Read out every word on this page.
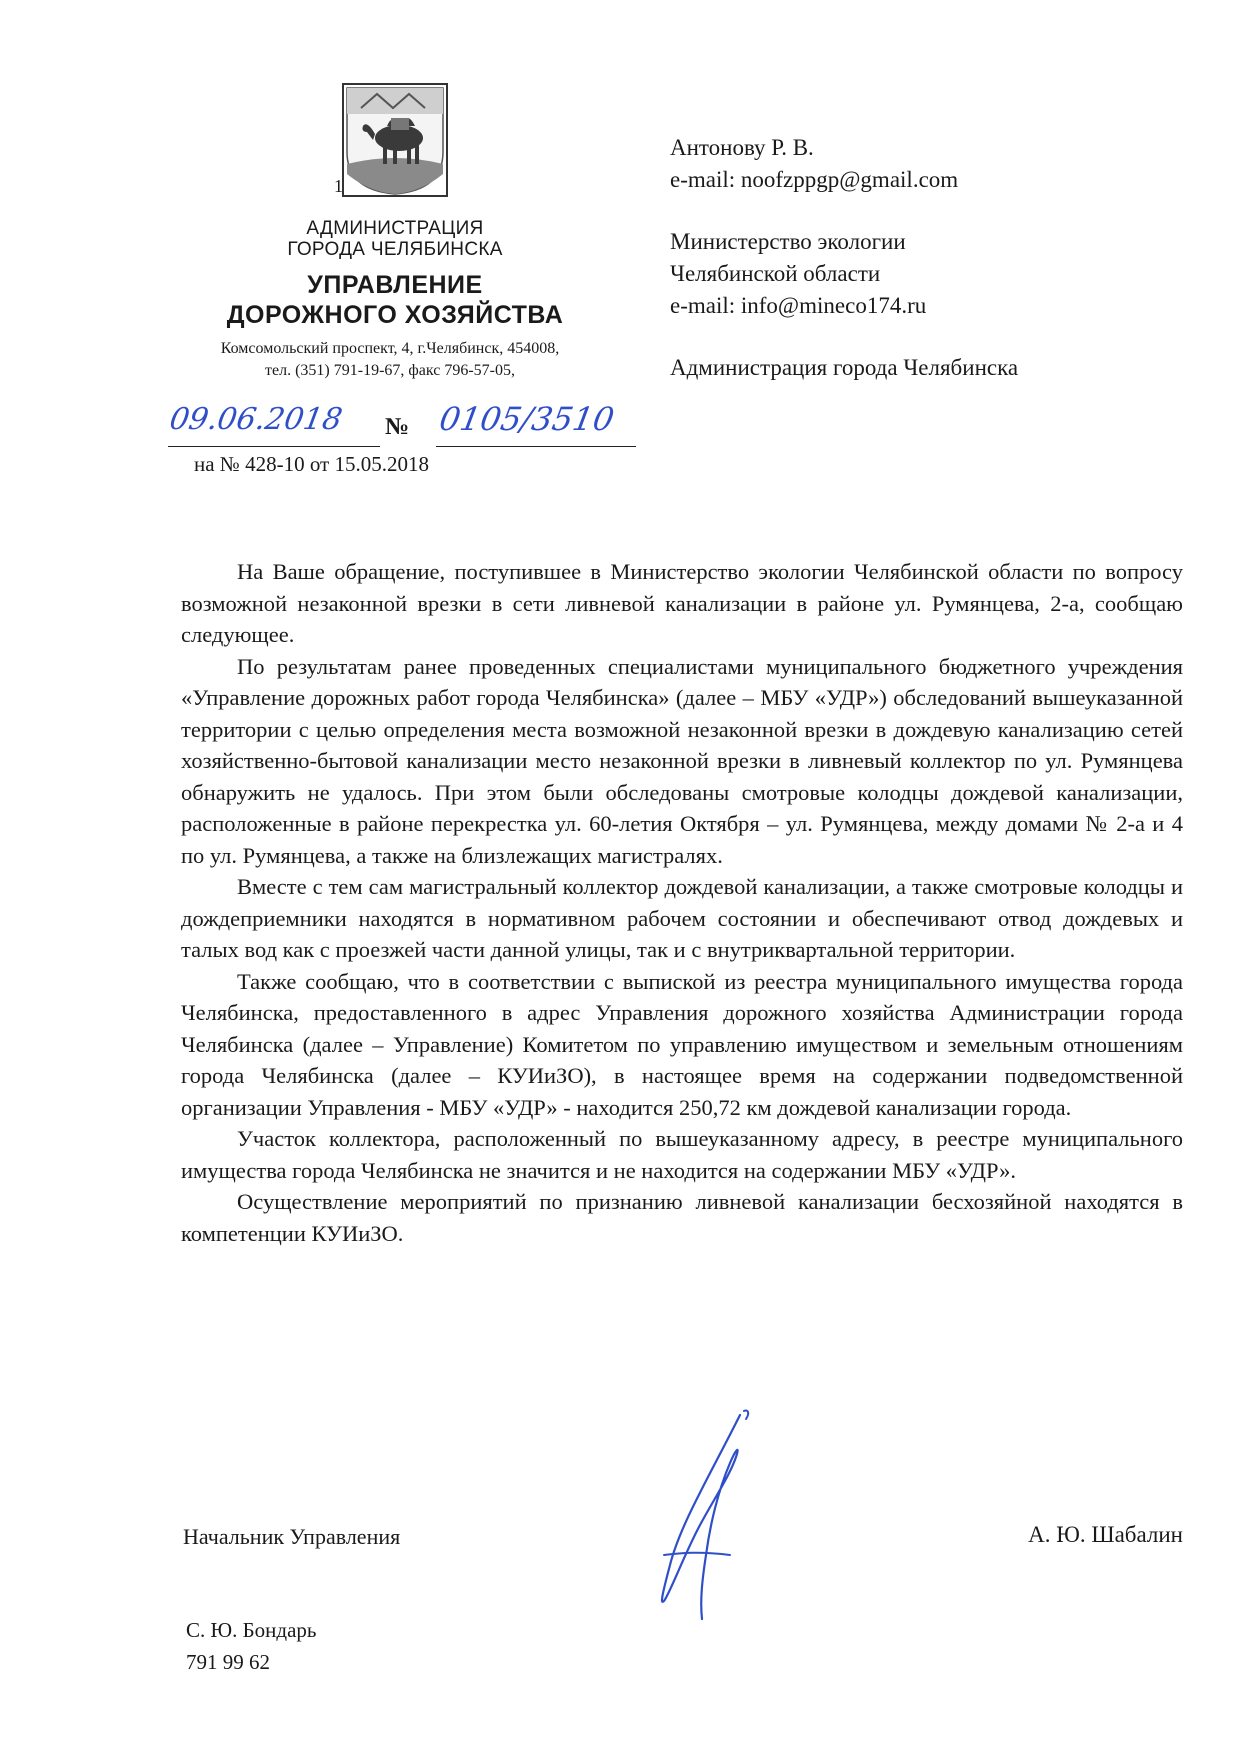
1
АДМИНИСТРАЦИЯ
ГОРОДА ЧЕЛЯБИНСКА
УПРАВЛЕНИЕ
ДОРОЖНОГО ХОЗЯЙСТВА
Комсомольский проспект, 4, г.Челябинск, 454008,
тел. (351) 791-19-67, факс 796-57-05,
09.06.2018 № 0105/3510
на № 428-10 от 15.05.2018

Антонову Р. В.

e-mail: noofzppgp@gmail.com

Министерство экологии

Челябинской области

e-mail: info@mineco174.ru

Администрация города Челябинска

На Ваше обращение, поступившее в Министерство экологии Челябинской области по вопросу возможной незаконной врезки в сети ливневой канализации в районе ул. Румянцева, 2-а, сообщаю следующее.

По результатам ранее проведенных специалистами муниципального бюджетного учреждения «Управление дорожных работ города Челябинска» (далее – МБУ «УДР») обследований вышеуказанной территории с целью определения места возможной незаконной врезки в дождевую канализацию сетей хозяйственно-бытовой канализации место незаконной врезки в ливневый коллектор по ул. Румянцева обнаружить не удалось. При этом были обследованы смотровые колодцы дождевой канализации, расположенные в районе перекрестка ул. 60-летия Октября – ул. Румянцева, между домами № 2-а и 4 по ул. Румянцева, а также на близлежащих магистралях.

Вместе с тем сам магистральный коллектор дождевой канализации, а также смотровые колодцы и дождеприемники находятся в нормативном рабочем состоянии и обеспечивают отвод дождевых и талых вод как с проезжей части данной улицы, так и с внутриквартальной территории.

Также сообщаю, что в соответствии с выпиской из реестра муниципального имущества города Челябинска, предоставленного в адрес Управления дорожного хозяйства Администрации города Челябинска (далее – Управление) Комитетом по управлению имуществом и земельным отношениям города Челябинска (далее – КУИиЗО), в настоящее время на содержании подведомственной организации Управления - МБУ «УДР» - находится 250,72 км дождевой канализации города.

Участок коллектора, расположенный по вышеуказанному адресу, в реестре муниципального имущества города Челябинска не значится и не находится на содержании МБУ «УДР».

Осуществление мероприятий по признанию ливневой канализации бесхозяйной находятся в компетенции КУИиЗО.

Начальник Управления	А. Ю. Шабалин

С. Ю. Бондарь

791 99 62
